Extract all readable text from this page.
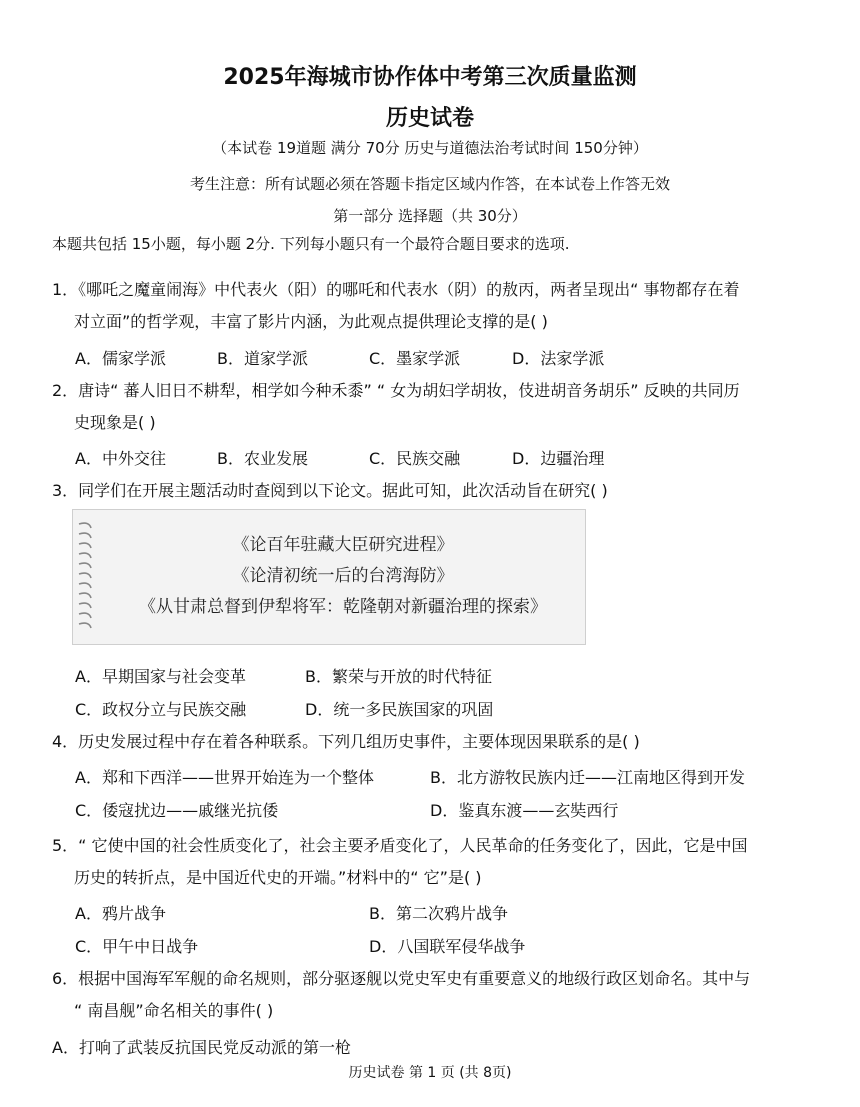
2025年海城市协作体中考第三次质量监测
历史试卷
（本试卷 19道题 满分 70分 历史与道德法治考试时间 150分钟）
考生注意：所有试题必须在答题卡指定区域内作答，在本试卷上作答无效
第一部分 选择题（共 30分）
本题共包括 15小题，每小题 2分. 下列每小题只有一个最符合题目要求的选项.
1．《哪吒之魔童闹海》中代表火（阳）的哪吒和代表水（阴）的敖丙，两者呈现出“ 事物都存在着
对立面”的哲学观，丰富了影片内涵，为此观点提供理论支撑的是( )
A．儒家学派	B．道家学派	C．墨家学派	D．法家学派
2．唐诗“ 蕃人旧日不耕犁，相学如今种禾黍” “ 女为胡妇学胡妆，伎进胡音务胡乐” 反映的共同历
史现象是( )
A．中外交往	B．农业发展	C．民族交融	D．边疆治理
3．同学们在开展主题活动时查阅到以下论文。据此可知，此次活动旨在研究( )
《论百年驻藏大臣研究进程》
《论清初统一后的台湾海防》
《从甘肃总督到伊犁将军：乾隆朝对新疆治理的探索》
A．早期国家与社会变革	B．繁荣与开放的时代特征
C．政权分立与民族交融	D．统一多民族国家的巩固
4．历史发展过程中存在着各种联系。下列几组历史事件，主要体现因果联系的是( )
A．郑和下西洋——世界开始连为一个整体	B．北方游牧民族内迁——江南地区得到开发
C．倭寇扰边——戚继光抗倭	D．鉴真东渡——玄奘西行
5．“ 它使中国的社会性质变化了，社会主要矛盾变化了，人民革命的任务变化了，因此，它是中国
历史的转折点，是中国近代史的开端。”材料中的“ 它”是( )
A．鸦片战争	B．第二次鸦片战争
C．甲午中日战争	D．八国联军侵华战争
6．根据中国海军军舰的命名规则，部分驱逐舰以党史军史有重要意义的地级行政区划命名。其中与
“ 南昌舰”命名相关的事件( )
A．打响了武装反抗国民党反动派的第一枪
历史试卷 第 1 页 (共 8页)
